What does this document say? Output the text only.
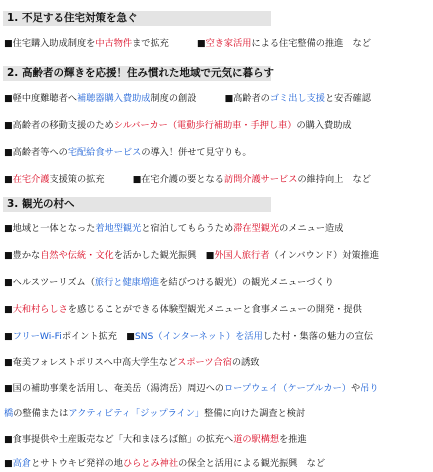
1. 不足する住宅対策を急ぐ
■住宅購入助成制度を中古物件まで拡充	■空き家活用による住宅整備の推進　など
2. 高齢者の輝きを応援！住み慣れた地域で元気に暮らす
■軽中度難聴者へ補聴器購入費助成制度の創設	■高齢者のゴミ出し支援と安否確認
■高齢者の移動支援のためシルバーカー（電動歩行補助車・手押し車）の購入費助成
■高齢者等への宅配給食サービスの導入！併せて見守りも。
■在宅介護支援策の拡充	■在宅介護の要となる訪問介護サービスの維持向上　など
3. 観光の村へ
■地域と一体となった着地型観光と宿泊してもらうため滞在型観光のメニュー造成
■豊かな自然や伝統・文化を活かした観光振興　■外国人旅行者（インバウンド）対策推進
■ヘルスツーリズム（旅行と健康増進を結びつける観光）の観光メニューづくり
■大和村らしさを感じることができる体験型観光メニューと食事メニューの開発・提供
■フリーWi-Fiポイント拡充　■SNS（インターネット）を活用した村・集落の魅力の宣伝
■奄美フォレストポリスへ中高大学生などスポーツ合宿の誘致
■国の補助事業を活用し、奄美岳（湯湾岳）周辺へのロープウェイ（ケーブルカー）や吊り
橋の整備またはアクティビティ「ジップライン」整備に向けた調査と検討
■食事提供や土産販売など「大和まほろば館」の拡充へ道の駅構想を推進
■高倉とサトウキビ発祥の地ひらとみ神社の保全と活用による観光振興　など
